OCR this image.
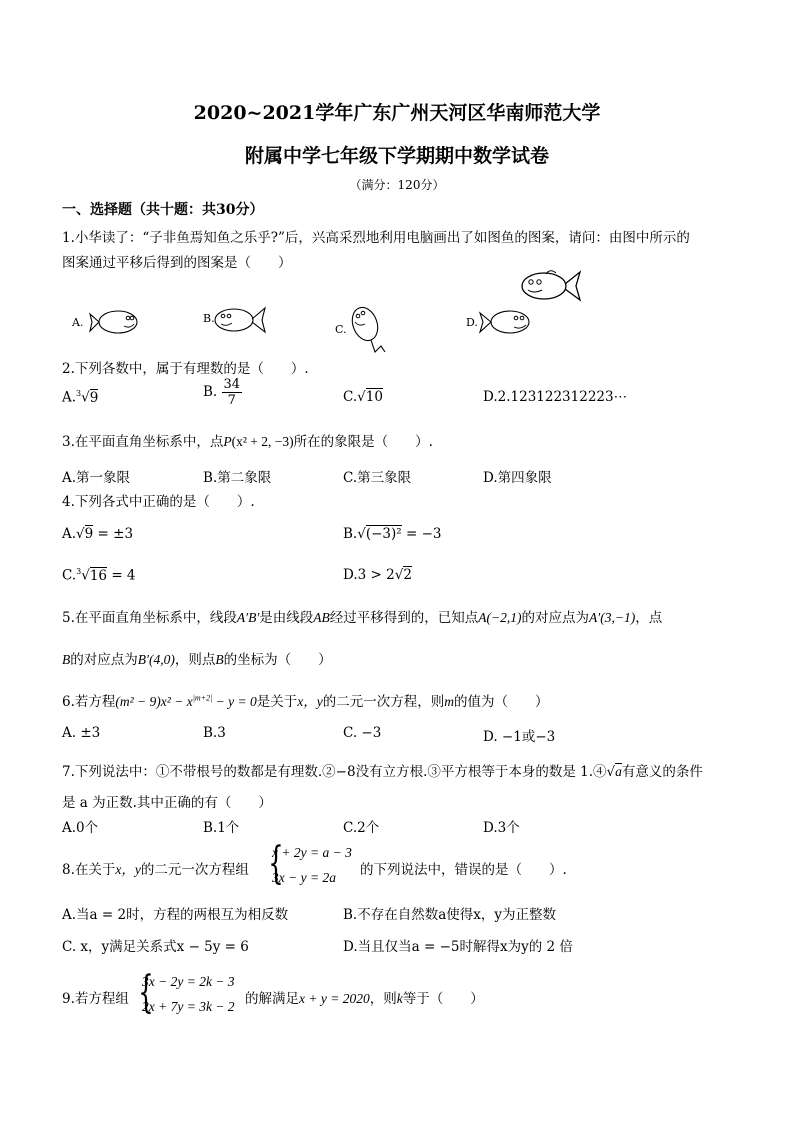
2020~2021学年广东广州天河区华南师范大学
附属中学七年级下学期期中数学试卷
（满分：120分）
一、选择题（共十题：共30分）
1.小华读了：“子非鱼焉知鱼之乐乎?”后，兴高采烈地利用电脑画出了如图鱼的图案，请问：由图中所示的
图案通过平移后得到的图案是（　　）
A.	B.
C.
D.
2.下列各数中，属于有理数的是（　　）.
A.$^3$√9	B. $\frac{34}{7}$	C.√10	D.2.123122312223⋯
3.在平面直角坐标系中，点P(x² + 2, −3)所在的象限是（　　）.
A.第一象限	B.第二象限	C.第三象限	D.第四象限
4.下列各式中正确的是（　　）.
A.√9 = ±3	B.√(−3)² = −3
C.$^3$√16 = 4	D.3 > 2√2
5.在平面直角坐标系中，线段A′B′是由线段AB经过平移得到的，已知点A(−2,1)的对应点为A′(3,−1)，点
B的对应点为B′(4,0)，则点B的坐标为（　　）
6.若方程$(m^2 - 9)x^2 - x^{|m+2|} - y = 0$是关于x，y的二元一次方程，则m的值为（　　）
A. ±3	B.3	C. −3	D. −1或−3
7.下列说法中：①不带根号的数都是有理数.②−8没有立方根.③平方根等于本身的数是 1.④√a有意义的条件
是 a 为正数.其中正确的有（　　）
A.0个	B.1个	C.2个	D.3个
8.在关于x，y的二元一次方程组 {
x + 2y = a − 3
3x − y = 2a 的下列说法中，错误的是（　　）.
A.当a = 2时，方程的两根互为相反数	B.不存在自然数a使得x，y为正整数
C. x，y满足关系式x − 5y = 6	D.当且仅当a = −5时解得x为y的 2 倍
9.若方程组 {
3x − 2y = 2k − 3
2x + 7y = 3k − 2 的解满足x + y = 2020，则k等于（　　）
